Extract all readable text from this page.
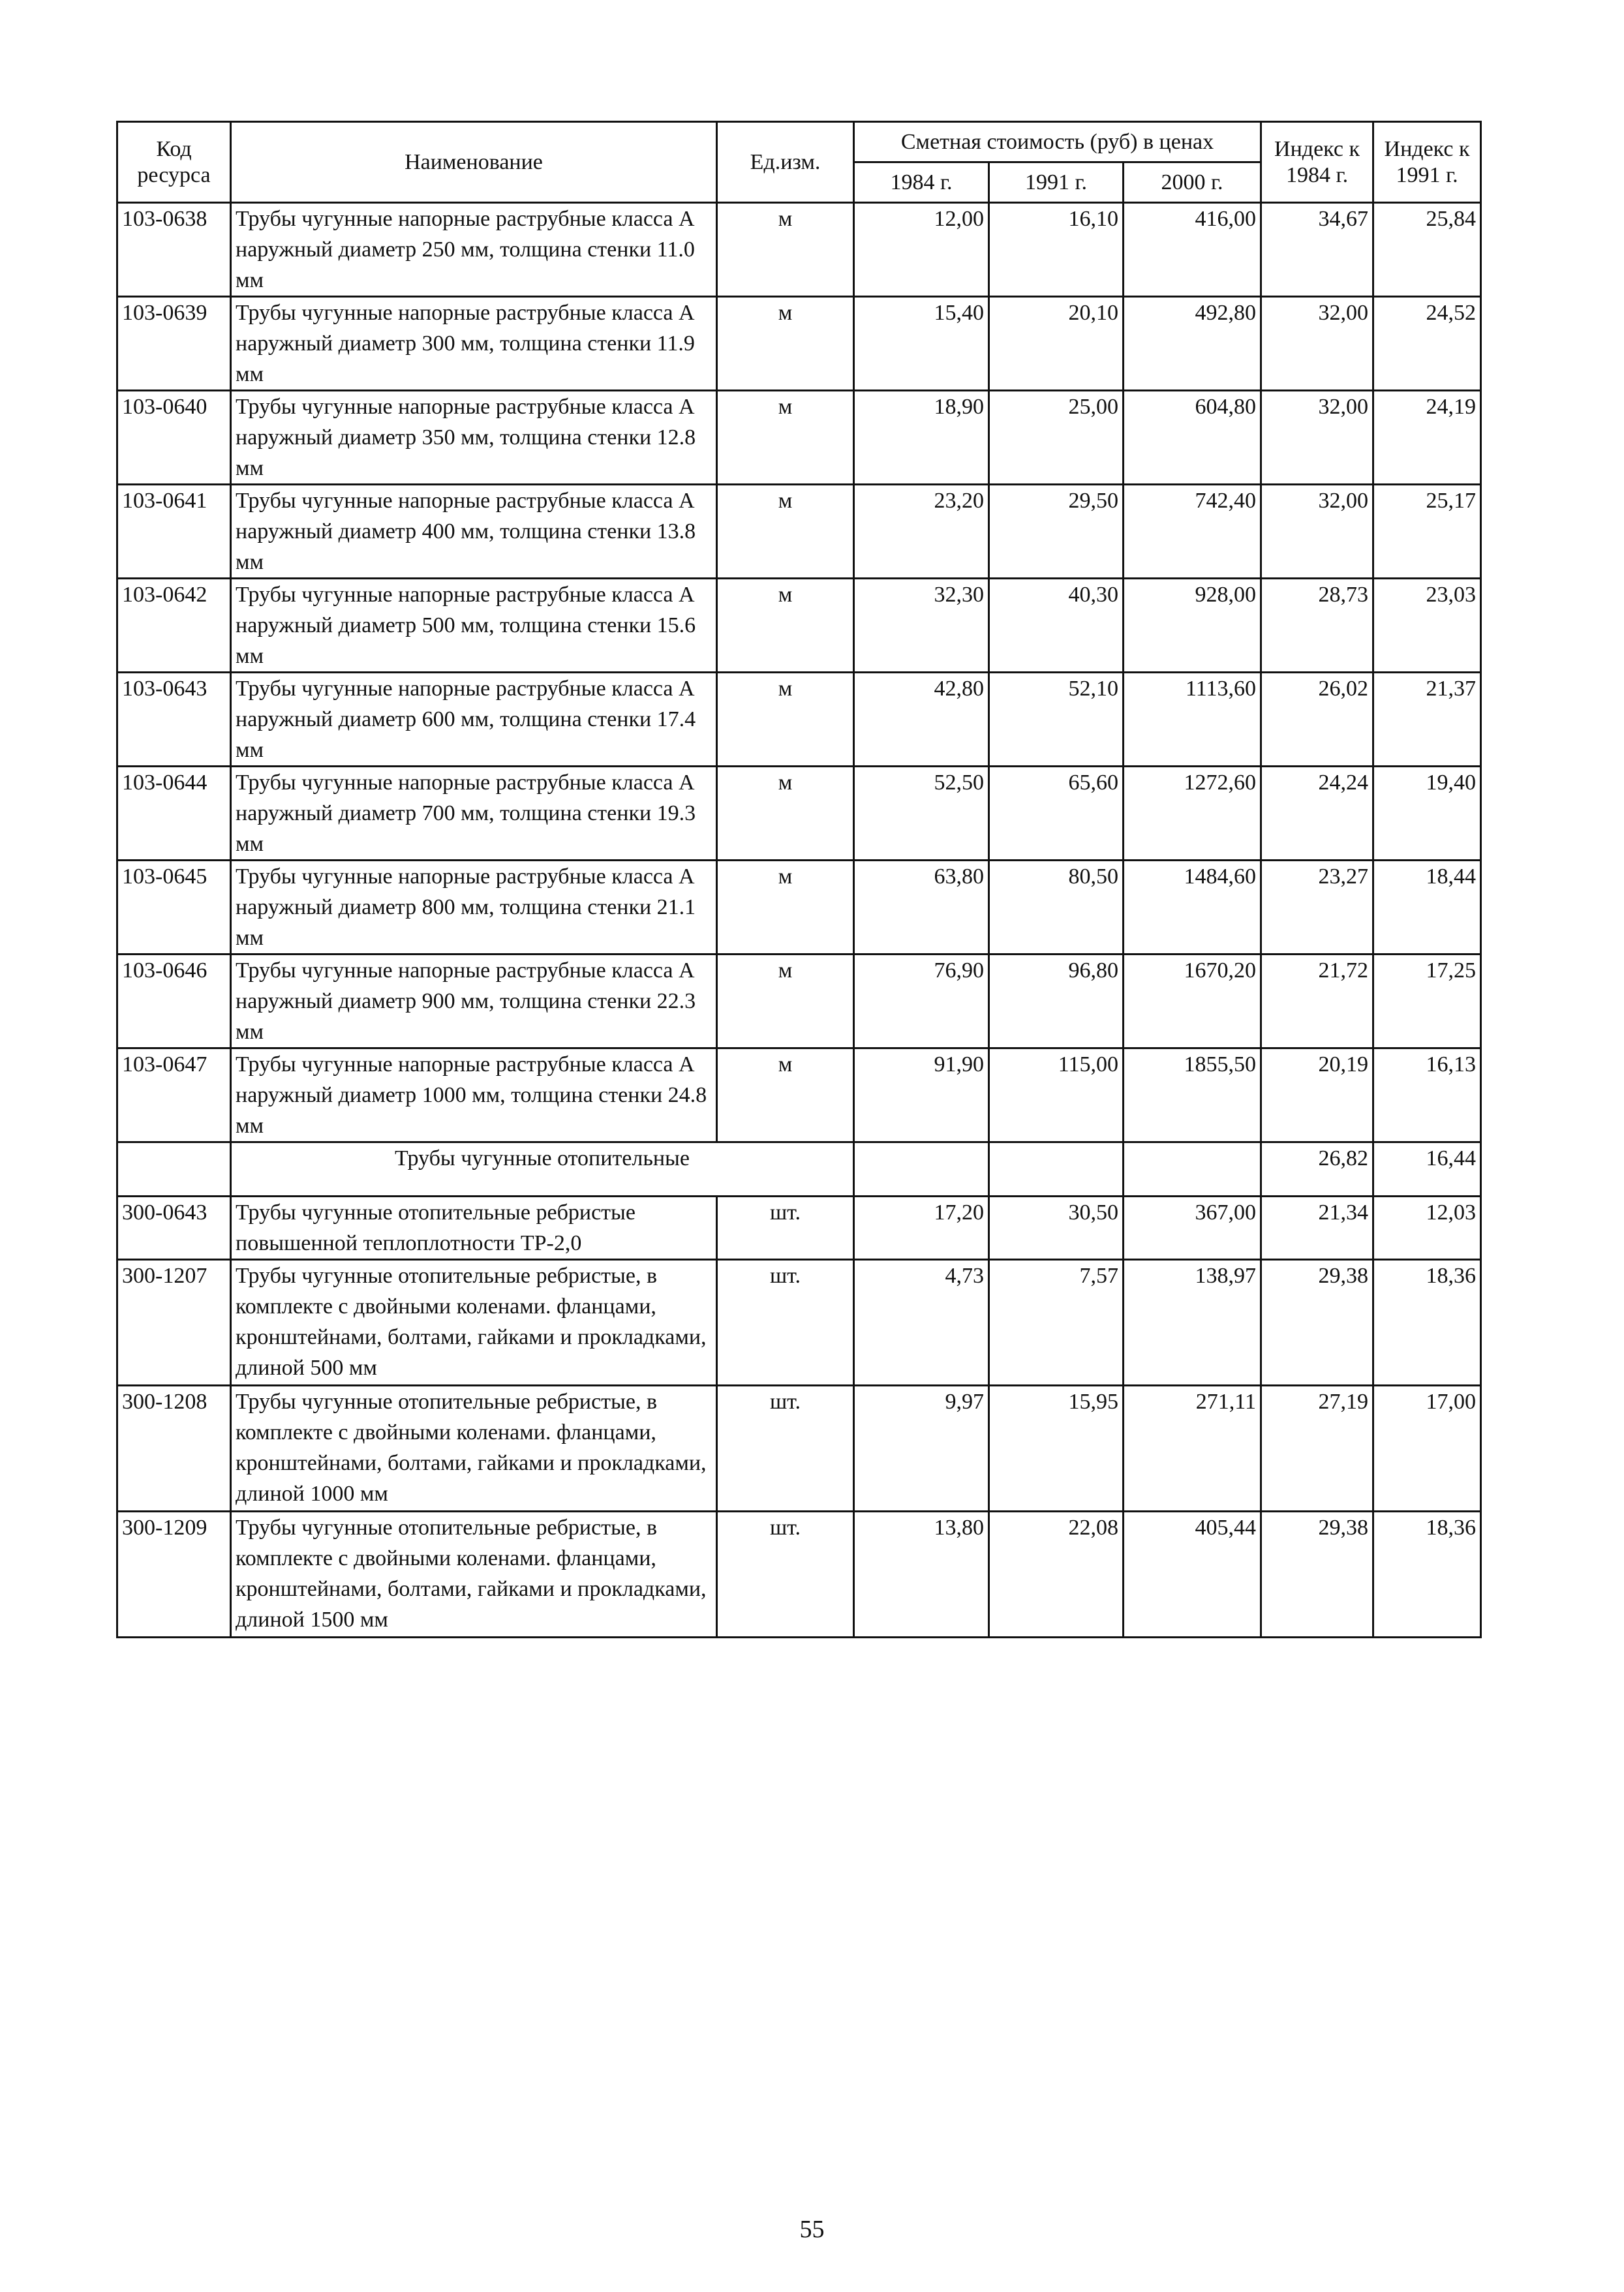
Код ресурса	Наименование	Ед.изм.	Сметная стоимость (руб) в ценах			Индекс к 1984 г.	Индекс к 1991 г.
			1984 г.	1991 г.	2000 г.		
103-0638	Трубы чугунные напорные раструбные класса А наружный диаметр 250 мм, толщина стенки 11.0 мм	м	12,00	16,10	416,00	34,67	25,84
103-0639	Трубы чугунные напорные раструбные класса А наружный диаметр 300 мм, толщина стенки 11.9 мм	м	15,40	20,10	492,80	32,00	24,52
103-0640	Трубы чугунные напорные раструбные класса А наружный диаметр 350 мм, толщина стенки 12.8 мм	м	18,90	25,00	604,80	32,00	24,19
103-0641	Трубы чугунные напорные раструбные класса А наружный диаметр 400 мм, толщина стенки 13.8 мм	м	23,20	29,50	742,40	32,00	25,17
103-0642	Трубы чугунные напорные раструбные класса А наружный диаметр 500 мм, толщина стенки 15.6 мм	м	32,30	40,30	928,00	28,73	23,03
103-0643	Трубы чугунные напорные раструбные класса А наружный диаметр 600 мм, толщина стенки 17.4 мм	м	42,80	52,10	1113,60	26,02	21,37
103-0644	Трубы чугунные напорные раструбные класса А наружный диаметр 700 мм, толщина стенки 19.3 мм	м	52,50	65,60	1272,60	24,24	19,40
103-0645	Трубы чугунные напорные раструбные класса А наружный диаметр 800 мм, толщина стенки 21.1 мм	м	63,80	80,50	1484,60	23,27	18,44
103-0646	Трубы чугунные напорные раструбные класса А наружный диаметр 900 мм, толщина стенки 22.3 мм	м	76,90	96,80	1670,20	21,72	17,25
103-0647	Трубы чугунные напорные раструбные класса А наружный диаметр 1000 мм, толщина стенки 24.8 мм	м	91,90	115,00	1855,50	20,19	16,13
	Трубы чугунные отопительные					26,82	16,44
300-0643	Трубы чугунные отопительные ребристые повышенной теплоплотности ТР-2,0	шт.	17,20	30,50	367,00	21,34	12,03
300-1207	Трубы чугунные отопительные ребристые, в комплекте с двойными коленами. фланцами, кронштейнами, болтами, гайками и прокладками, длиной 500 мм	шт.	4,73	7,57	138,97	29,38	18,36
300-1208	Трубы чугунные отопительные ребристые, в комплекте с двойными коленами. фланцами, кронштейнами, болтами, гайками и прокладками, длиной 1000 мм	шт.	9,97	15,95	271,11	27,19	17,00
300-1209	Трубы чугунные отопительные ребристые, в комплекте с двойными коленами. фланцами, кронштейнами, болтами, гайками и прокладками, длиной 1500 мм	шт.	13,80	22,08	405,44	29,38	18,36
55
